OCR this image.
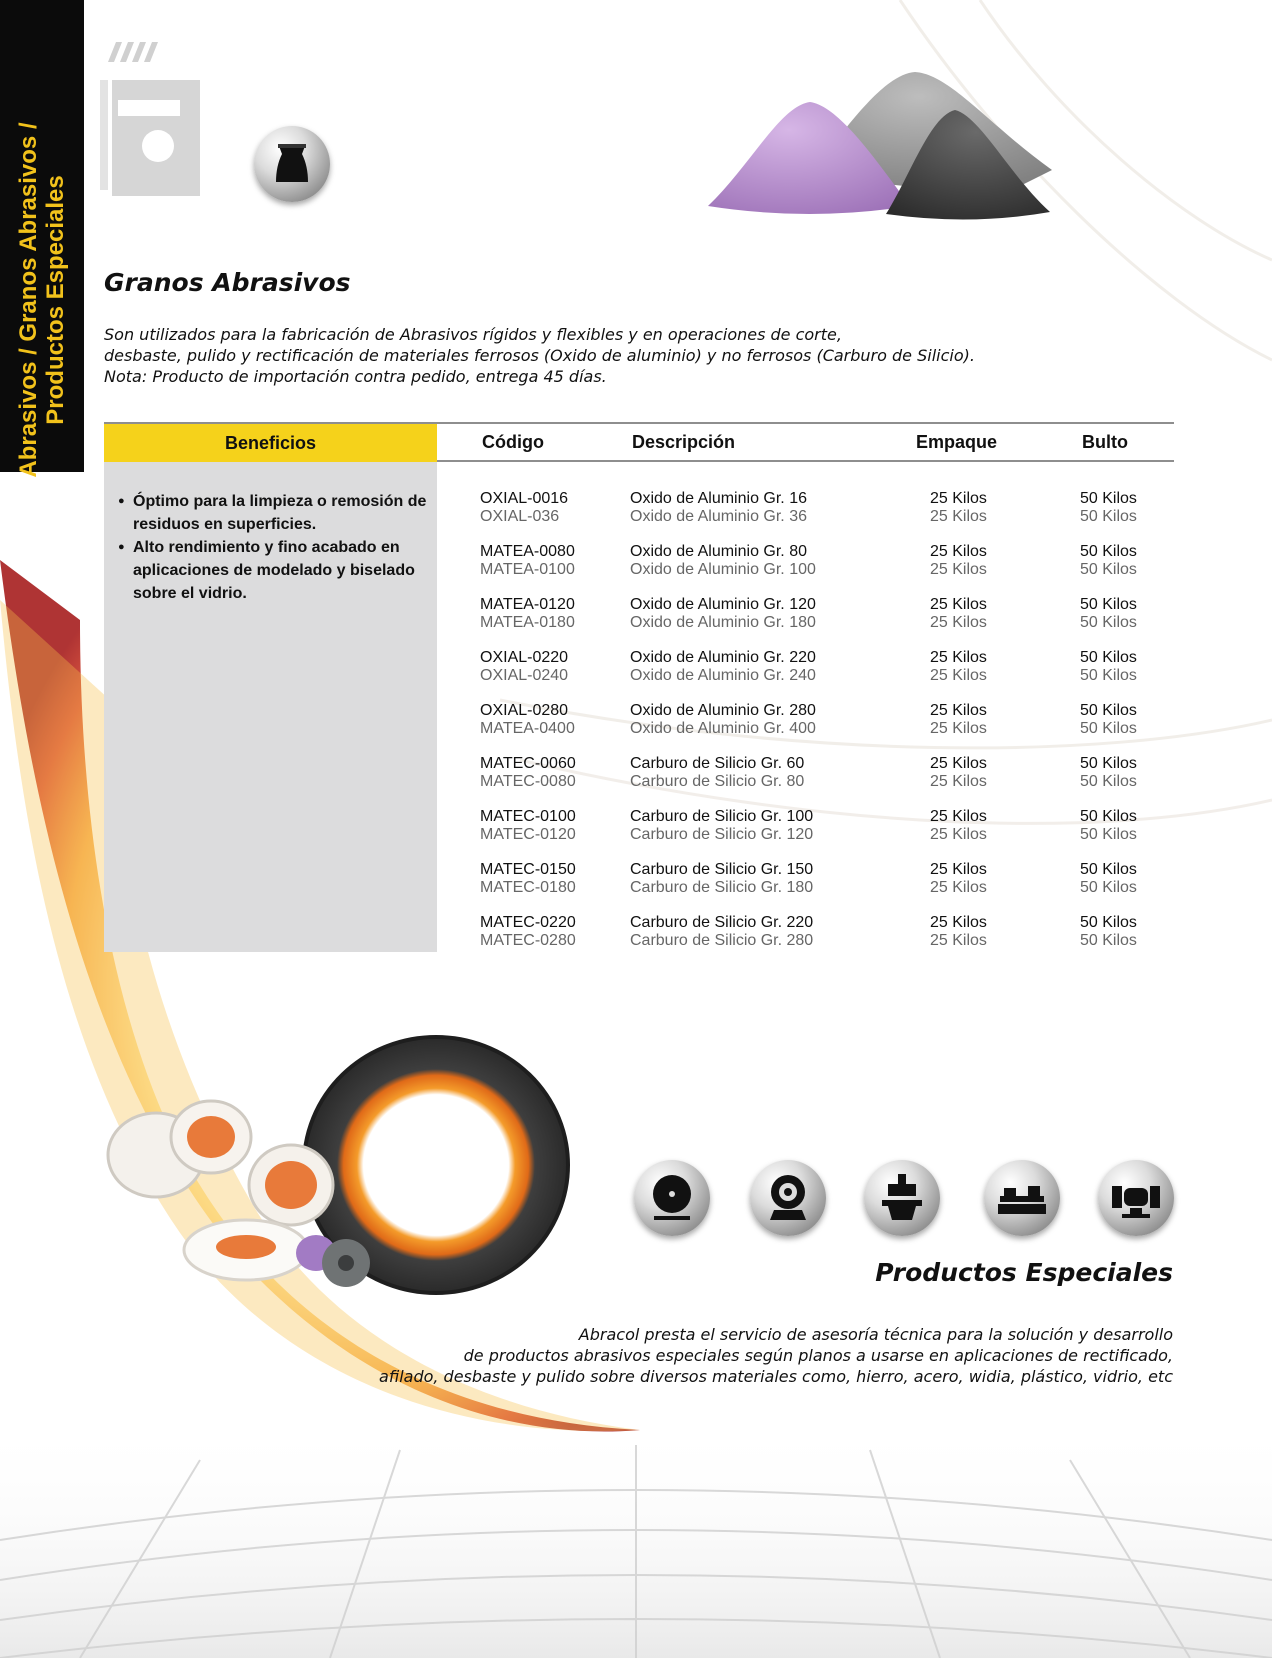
Abrasivos / Granos Abrasivos / Productos Especiales Granos Abrasivos
Son utilizados para la fabricación de Abrasivos rígidos y flexibles y en operaciones de corte,
desbaste, pulido y rectificación de materiales ferrosos (Oxido de aluminio) y no ferrosos (Carburo de Silicio).
Nota: Producto de importación contra pedido, entrega 45 días.
Beneficios	Código	Descripción	Empaque	Bulto
● Óptimo para la limpieza o remosión de residuos en superficies.
● Alto rendimiento y fino acabado en aplicaciones de modelado y biselado sobre el vidrio.
OXIAL-0016	Oxido de Aluminio Gr. 16	25 Kilos	50 Kilos
OXIAL-036	Oxido de Aluminio Gr. 36	25 Kilos	50 Kilos
MATEA-0080	Oxido de Aluminio Gr. 80	25 Kilos	50 Kilos
MATEA-0100	Oxido de Aluminio Gr. 100	25 Kilos	50 Kilos
MATEA-0120	Oxido de Aluminio Gr. 120	25 Kilos	50 Kilos
MATEA-0180	Oxido de Aluminio Gr. 180	25 Kilos	50 Kilos
OXIAL-0220	Oxido de Aluminio Gr. 220	25 Kilos	50 Kilos
OXIAL-0240	Oxido de Aluminio Gr. 240	25 Kilos	50 Kilos
OXIAL-0280	Oxido de Aluminio Gr. 280	25 Kilos	50 Kilos
MATEA-0400	Oxido de Aluminio Gr. 400	25 Kilos	50 Kilos
MATEC-0060	Carburo de Silicio Gr. 60	25 Kilos	50 Kilos
MATEC-0080	Carburo de Silicio Gr. 80	25 Kilos	50 Kilos
MATEC-0100	Carburo de Silicio Gr. 100	25 Kilos	50 Kilos
MATEC-0120	Carburo de Silicio Gr. 120	25 Kilos	50 Kilos
MATEC-0150	Carburo de Silicio Gr. 150	25 Kilos	50 Kilos
MATEC-0180	Carburo de Silicio Gr. 180	25 Kilos	50 Kilos
MATEC-0220	Carburo de Silicio Gr. 220	25 Kilos	50 Kilos
MATEC-0280	Carburo de Silicio Gr. 280	25 Kilos	50 Kilos
Productos Especiales
Abracol presta el servicio de asesoría técnica para la solución y desarrollo
de productos abrasivos especiales según planos a usarse en aplicaciones de rectificado,
afilado, desbaste y pulido sobre diversos materiales como, hierro, acero, widia, plástico, vidrio, etc
